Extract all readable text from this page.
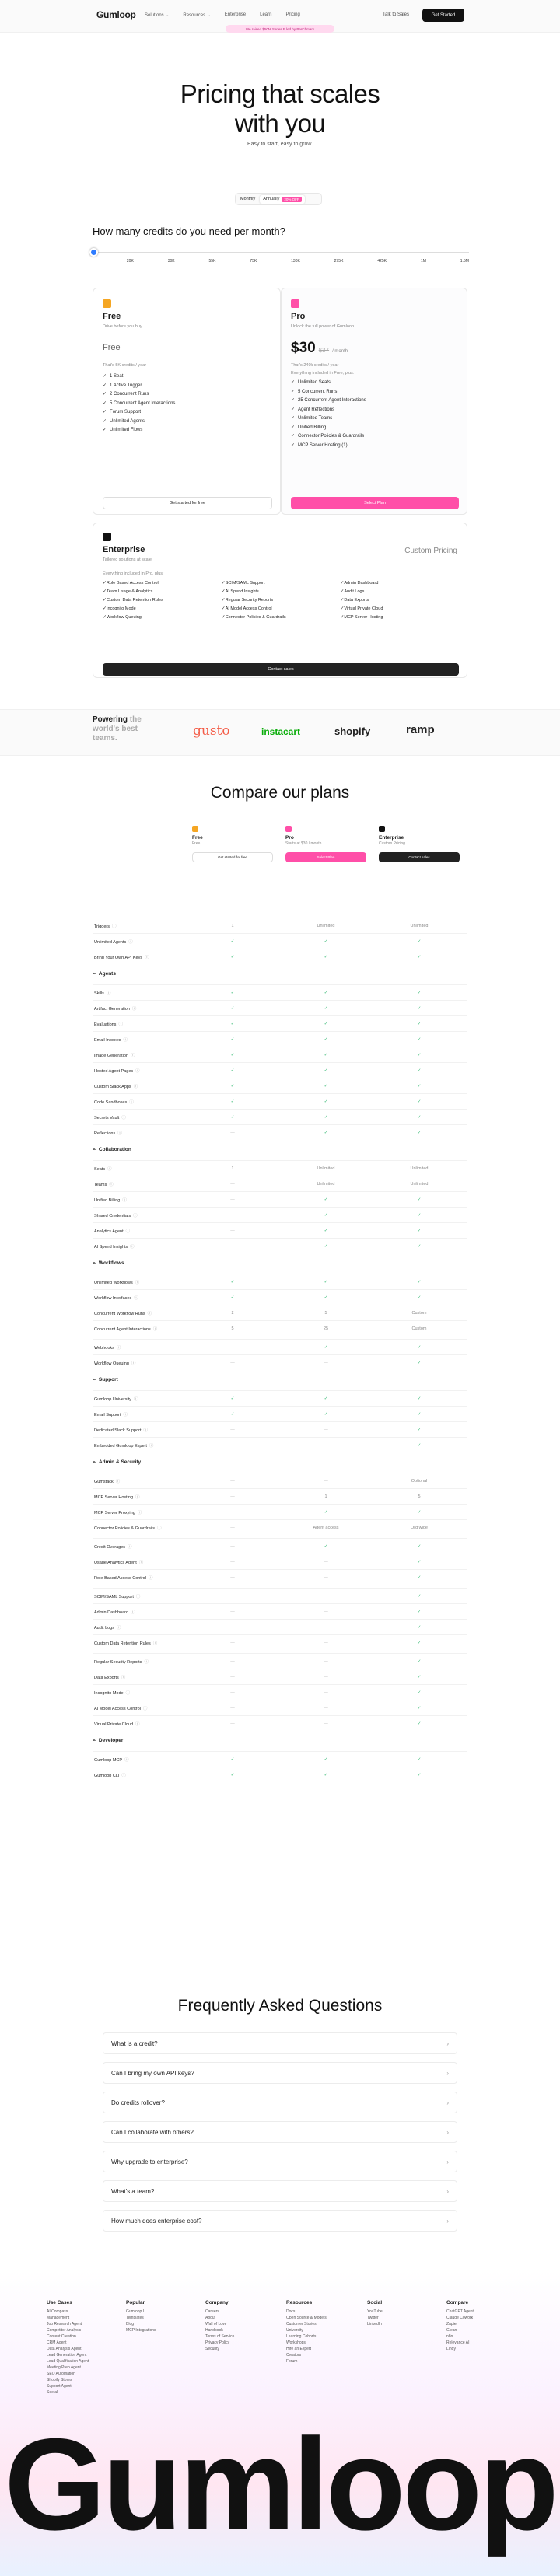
Gumloop Solutions ⌄	Resources ⌄	Enterprise	Learn	Pricing	Talk to Sales	Get Started
We raised $50M Series B led by Benchmark
Pricing that scales with you
Easy to start, easy to grow.
Monthly Annually	20% OFF
How many credits do you need per month?
20K	30K	55K	75K	130K	275K	425K	1M	1.5M
Free
Drive before you buy
Free
That's 5K credits / year
✓ 1 Seat
✓ 1 Active Trigger
✓ 2 Concurrent Runs
✓ 5 Concurrent Agent Interactions
✓ Forum Support
✓ Unlimited Agents
✓ Unlimited Flows
Get started for free
Pro
Unlock the full power of Gumloop
$30 $37 / month
That's 240k credits / year
Everything included in Free, plus:
✓ Unlimited Seats
✓ 5 Concurrent Runs
✓ 25 Concurrent Agent Interactions
✓ Agent Reflections
✓ Unlimited Teams
✓ Unified Billing
✓ Connector Policies & Guardrails
✓ MCP Server Hosting (1)
Select Plan
Enterprise
Tailored solutions at scale
Custom Pricing
Everything included in Pro, plus:
✓Role Based Access Control	✓SCIM/SAML Support	✓Admin Dashboard
✓Team Usage & Analytics	✓AI Spend Insights	✓Audit Logs
✓Custom Data Retention Rules	✓Regular Security Reports	✓Data Exports
✓Incognito Mode	✓AI Model Access Control	✓Virtual Private Cloud
✓Workflow Queuing	✓Connector Policies & Guardrails	✓MCP Server Hosting
Contact sales
Powering the
world's best
teams.	gusto	instacart	shopify	ramp
Compare our plans
Free
Free
Get started for free
Pro
Starts at $30 / month
Select Plan
Enterprise
Custom Pricing
Contact sales
Triggers ⓘ	1	Unlimited	Unlimited
Unlimited Agents ⓘ	✓	✓	✓
Bring Your Own API Keys ⓘ	✓	✓	✓
⌁ Agents
Skills ⓘ	✓	✓	✓
Artifact Generation ⓘ	✓	✓	✓
Evaluations ⓘ	✓	✓	✓
Email Inboxes ⓘ	✓	✓	✓
Image Generation ⓘ	✓	✓	✓
Hosted Agent Pages ⓘ	✓	✓	✓
Custom Slack Apps ⓘ	✓	✓	✓
Code Sandboxes ⓘ	✓	✓	✓
Secrets Vault ⓘ	✓	✓	✓
Reflections ⓘ	—	✓	✓
⌁ Collaboration
Seats ⓘ	1	Unlimited	Unlimited
Teams ⓘ	—	Unlimited	Unlimited
Unified Billing ⓘ	—	✓	✓
Shared Credentials ⓘ	—	✓	✓
Analytics Agent ⓘ	—	✓	✓
AI Spend Insights ⓘ	—	✓	✓
⌁ Workflows
Unlimited Workflows ⓘ	✓	✓	✓
Workflow Interfaces ⓘ	✓	✓	✓
Concurrent Workflow Runs ⓘ	2	5	Custom
Concurrent Agent Interactions ⓘ	5	25	Custom
Webhooks ⓘ	—	✓	✓
Workflow Queuing ⓘ	—	—	✓
⌁ Support
Gumloop University ⓘ	✓	✓	✓
Email Support ⓘ	✓	✓	✓
Dedicated Slack Support ⓘ	—	—	✓
Embedded Gumloop Expert ⓘ	—	—	✓
⌁ Admin & Security
Gumstack ⓘ	—	—	Optional
MCP Server Hosting ⓘ	—	1	5
MCP Server Proxying ⓘ	—	✓	✓
Connector Policies & Guardrails ⓘ	—	Agent access	Org wide
Credit Overages ⓘ	—	✓	✓
Usage Analytics Agent ⓘ	—	—	✓
Role-Based Access Control ⓘ	—	—	✓
SCIM/SAML Support ⓘ	—	—	✓
Admin Dashboard ⓘ	—	—	✓
Audit Logs ⓘ	—	—	✓
Custom Data Retention Rules ⓘ	—	—	✓
Regular Security Reports ⓘ	—	—	✓
Data Exports ⓘ	—	—	✓
Incognito Mode ⓘ	—	—	✓
AI Model Access Control ⓘ	—	—	✓
Virtual Private Cloud ⓘ	—	—	✓
⌁ Developer
Gumloop MCP ⓘ	✓	✓	✓
Gumloop CLI ⓘ	✓	✓	✓
Frequently Asked Questions
What is a credit?	›
Can I bring my own API keys?	›
Do credits rollover?	›
Can I collaborate with others?	›
Why upgrade to enterprise?	›
What's a team?	›
How much does enterprise cost?	›
Use Cases
AI Compass
Management
Job Research Agent
Competitor Analysis
Content Creation
CRM Agent
Data Analysis Agent
Lead Generation Agent
Lead Qualification Agent
Meeting Prep Agent
SEO Automation
Shopify Stores
Support Agent
See all
Popular
Gumloop U
Templates
Blog
MCP Integrations
Company
Careers
About
Wall of Love
Handbook
Terms of Service
Privacy Policy
Security
Resources
Docs
Open Source & Models
Customer Stories
University
Learning Cohorts
Workshops
Hire an Expert
Creators
Forum
Social
YouTube
Twitter
LinkedIn
Compare
ChatGPT Agent
Claude Cowork
Zapier
Glean
n8n
Relevance AI
Lindy
Gumloop
